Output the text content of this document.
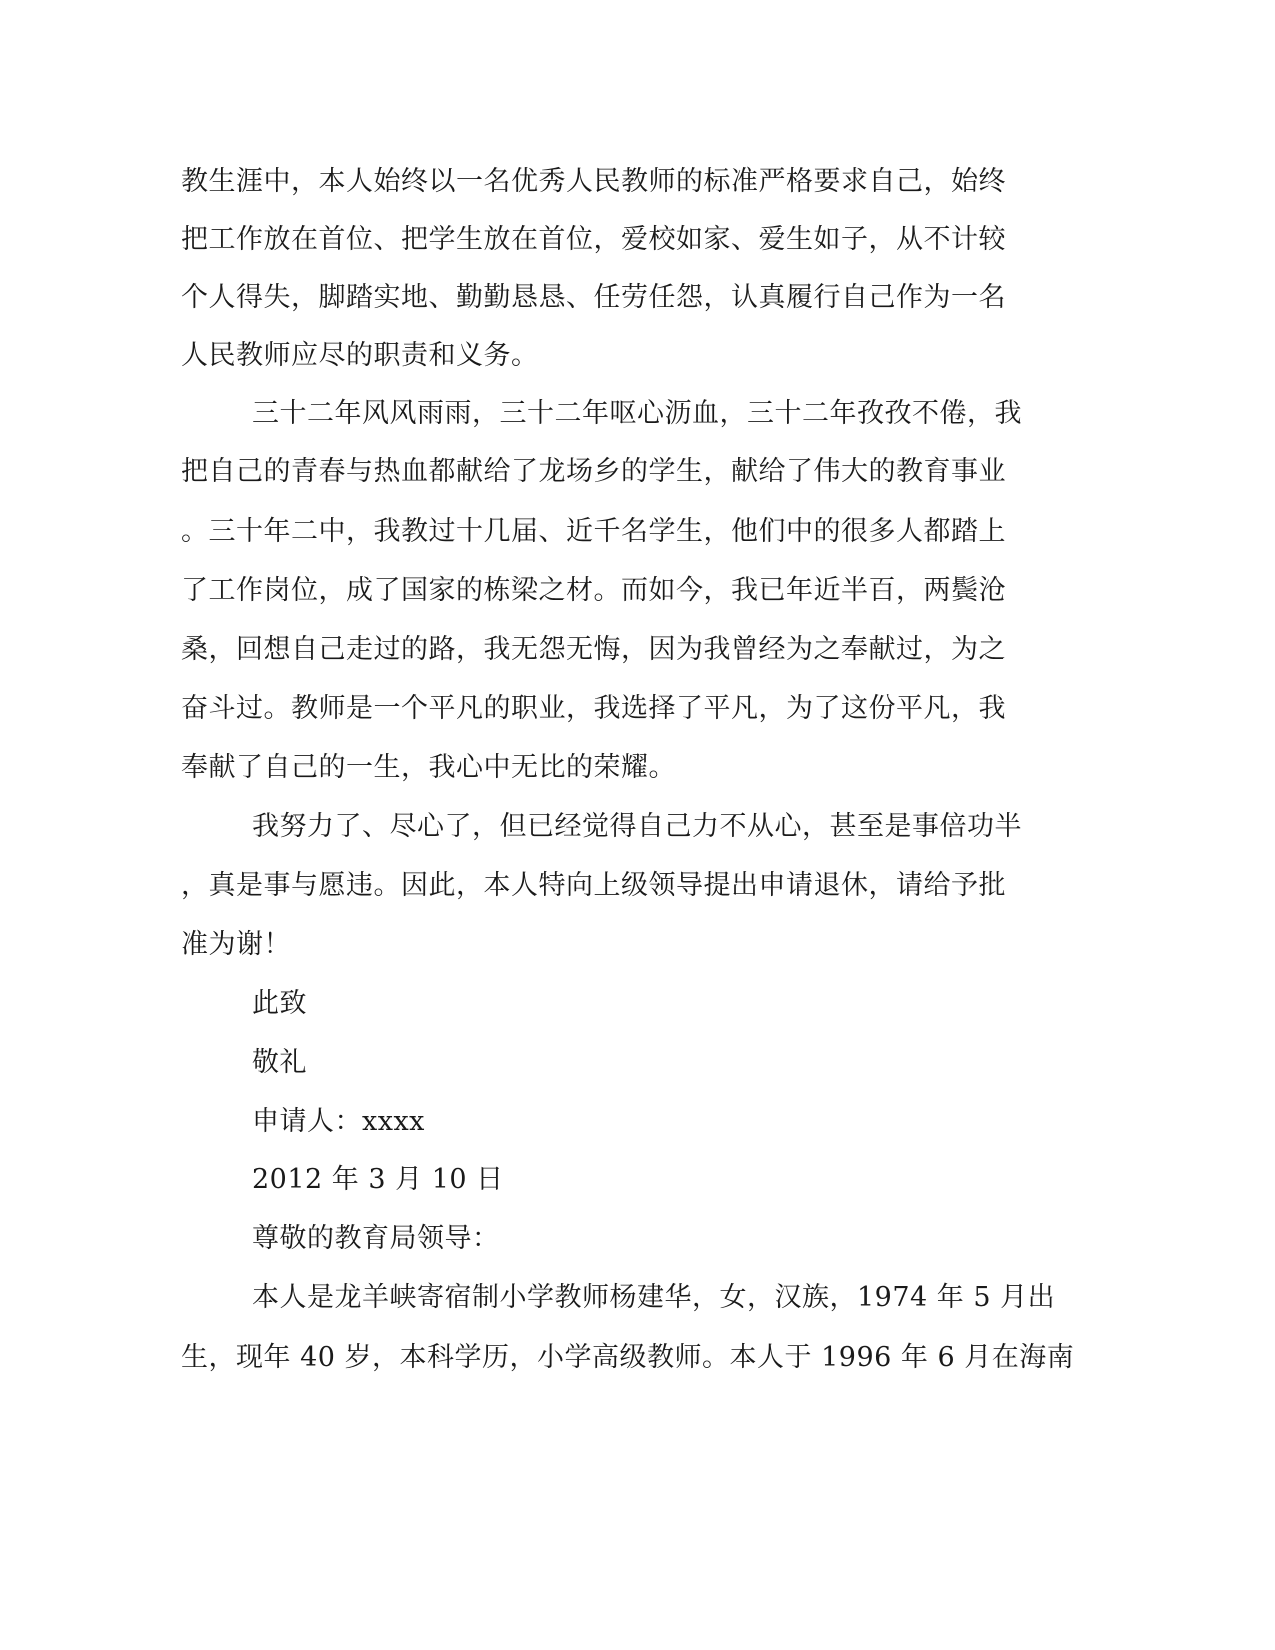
教生涯中，本人始终以一名优秀人民教师的标准严格要求自己，始终
把工作放在首位、把学生放在首位，爱校如家、爱生如子，从不计较
个人得失，脚踏实地、勤勤恳恳、任劳任怨，认真履行自己作为一名
人民教师应尽的职责和义务。
三十二年风风雨雨，三十二年呕心沥血，三十二年孜孜不倦，我
把自己的青春与热血都献给了龙场乡的学生，献给了伟大的教育事业
。三十年二中，我教过十几届、近千名学生，他们中的很多人都踏上
了工作岗位，成了国家的栋梁之材。而如今，我已年近半百，两鬓沧
桑，回想自己走过的路，我无怨无悔，因为我曾经为之奉献过，为之
奋斗过。教师是一个平凡的职业，我选择了平凡，为了这份平凡，我
奉献了自己的一生，我心中无比的荣耀。
我努力了、尽心了，但已经觉得自己力不从心，甚至是事倍功半
，真是事与愿违。因此，本人特向上级领导提出申请退休，请给予批
准为谢！
此致
敬礼
申请人：xxxx
2012 年 3 月 10 日
尊敬的教育局领导：
本人是龙羊峡寄宿制小学教师杨建华，女，汉族，1974 年 5 月出
生，现年 40 岁，本科学历，小学高级教师。本人于 1996 年 6 月在海南
